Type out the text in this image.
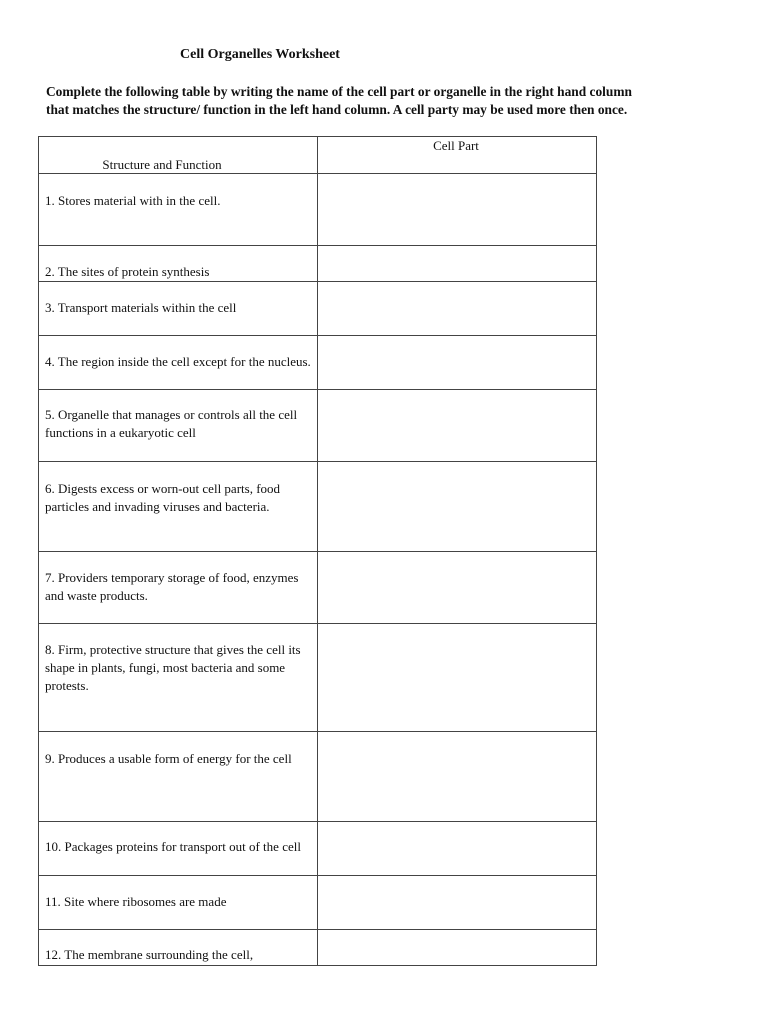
Cell Organelles Worksheet
Complete the following table by writing the name of the cell part or organelle in the right hand column
that matches the structure/ function in the left hand column. A cell party may be used more then once.
Structure and Function	Cell Part

1. Stores material with in the cell.	

2. The sites of protein synthesis	

3. Transport materials within the cell	

4. The region inside the cell except for the nucleus.	

5. Organelle that manages or controls all the cell functions in a eukaryotic cell	

6. Digests excess or worn-out cell parts, food particles and invading viruses and bacteria.	

7. Providers temporary storage of food, enzymes and waste products.	

8. Firm, protective structure that gives the cell its shape in plants, fungi, most bacteria and some protests.	

9. Produces a usable form of energy for the cell	

10. Packages proteins for transport out of the cell	

11. Site where ribosomes are made	

12. The membrane surrounding the cell,	
